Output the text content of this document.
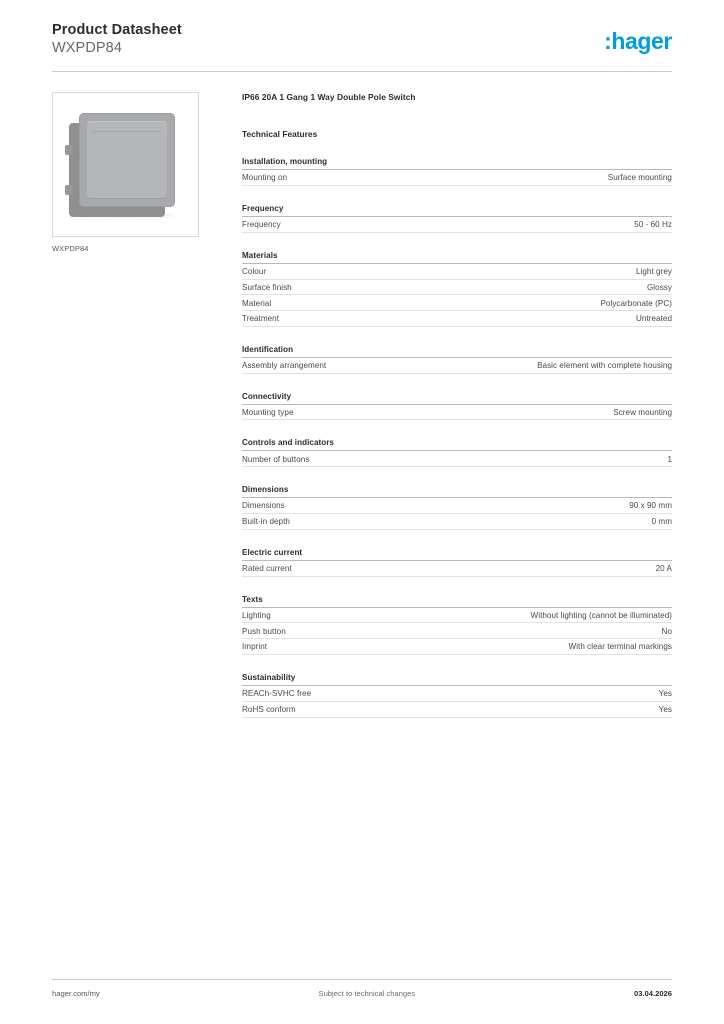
Product Datasheet
WXPDP84	:hager
WXPDP84
IP66 20A 1 Gang 1 Way Double Pole Switch
Technical Features
Installation, mounting
Mounting on	Surface mounting
Frequency
Frequency	50 - 60 Hz
Materials
Colour	Light grey
Surface finish	Glossy
Material	Polycarbonate (PC)
Treatment	Untreated
Identification
Assembly arrangement	Basic element with complete housing
Connectivity
Mounting type	Screw mounting
Controls and indicators
Number of buttons	1
Dimensions
Dimensions	90 x 90 mm
Built-in depth	0 mm
Electric current
Rated current	20 A
Texts
Lighting	Without lighting (cannot be illuminated)
Push button	No
Imprint	With clear terminal markings
Sustainability
REACh-SVHC free	Yes
RoHS conform	Yes
hager.com/my	Subject to technical changes	03.04.2026
